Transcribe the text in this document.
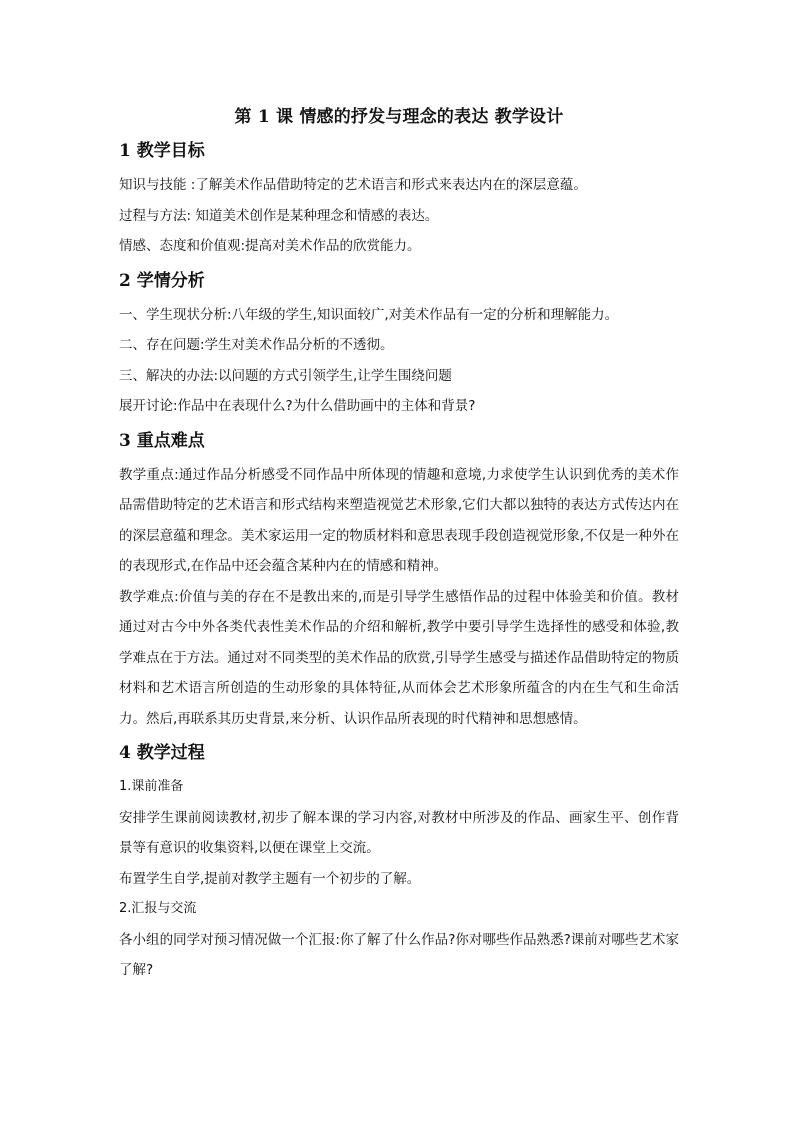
第 1 课 情感的抒发与理念的表达 教学设计
1 教学目标

知识与技能 :了解美术作品借助特定的艺术语言和形式来表达内在的深层意蕴。

过程与方法: 知道美术创作是某种理念和情感的表达。

情感、态度和价值观:提高对美术作品的欣赏能力。

2 学情分析

一、学生现状分析:八年级的学生,知识面较广,对美术作品有一定的分析和理解能力。

二、存在问题:学生对美术作品分析的不透彻。

三、解决的办法:以问题的方式引领学生,让学生围绕问题

展开讨论:作品中在表现什么?为什么借助画中的主体和背景?

3 重点难点

教学重点:通过作品分析感受不同作品中所体现的情趣和意境,力求使学生认识到优秀的美术作品需借助特定的艺术语言和形式结构来塑造视觉艺术形象,它们大都以独特的表达方式传达内在的深层意蕴和理念。美术家运用一定的物质材料和意思表现手段创造视觉形象,不仅是一种外在的表现形式,在作品中还会蕴含某种内在的情感和精神。

教学难点:价值与美的存在不是教出来的,而是引导学生感悟作品的过程中体验美和价值。教材通过对古今中外各类代表性美术作品的介绍和解析,教学中要引导学生选择性的感受和体验,教学难点在于方法。通过对不同类型的美术作品的欣赏,引导学生感受与描述作品借助特定的物质材料和艺术语言所创造的生动形象的具体特征,从而体会艺术形象所蕴含的内在生气和生命活力。然后,再联系其历史背景,来分析、认识作品所表现的时代精神和思想感情。

4 教学过程

1.课前准备

安排学生课前阅读教材,初步了解本课的学习内容,对教材中所涉及的作品、画家生平、创作背景等有意识的收集资料,以便在课堂上交流。

布置学生自学,提前对教学主题有一个初步的了解。

2.汇报与交流

各小组的同学对预习情况做一个汇报:你了解了什么作品?你对哪些作品熟悉?课前对哪些艺术家了解?
